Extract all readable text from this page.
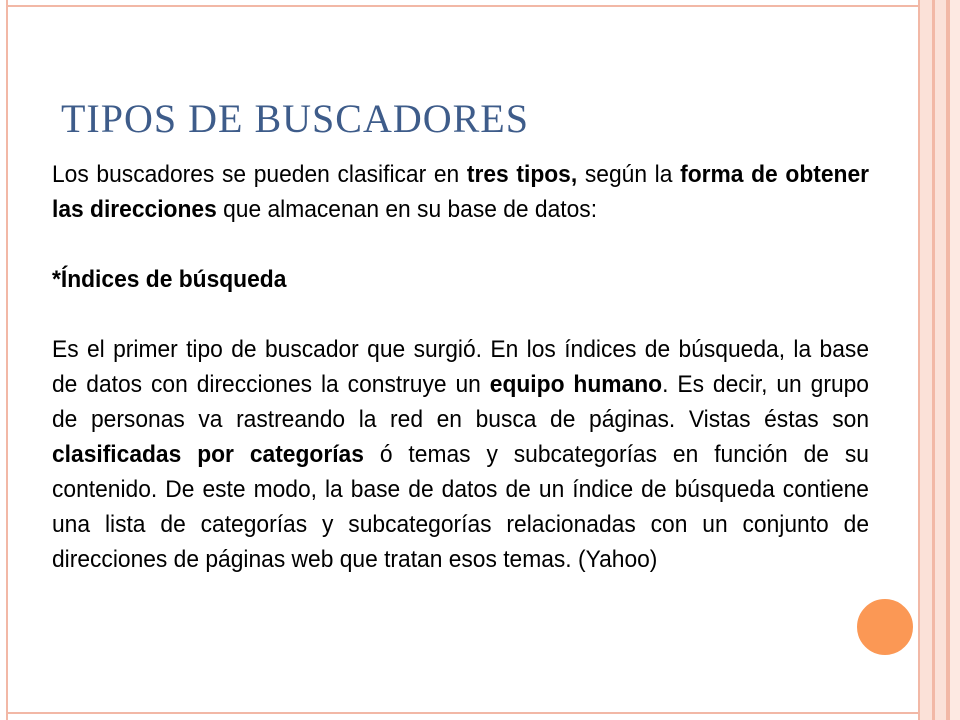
TIPOS DE BUSCADORES

Los buscadores se pueden clasificar en tres tipos, según la forma de obtener las direcciones que almacenan en su base de datos:

*Índices de búsqueda

Es el primer tipo de buscador que surgió. En los índices de búsqueda, la base de datos con direcciones la construye un equipo humano. Es decir, un grupo de personas va rastreando la red en busca de páginas. Vistas éstas son clasificadas por categorías ó temas y subcategorías en función de su contenido. De este modo, la base de datos de un índice de búsqueda contiene una lista de categorías y subcategorías relacionadas con un conjunto de direcciones de páginas web que tratan esos temas. (Yahoo)
